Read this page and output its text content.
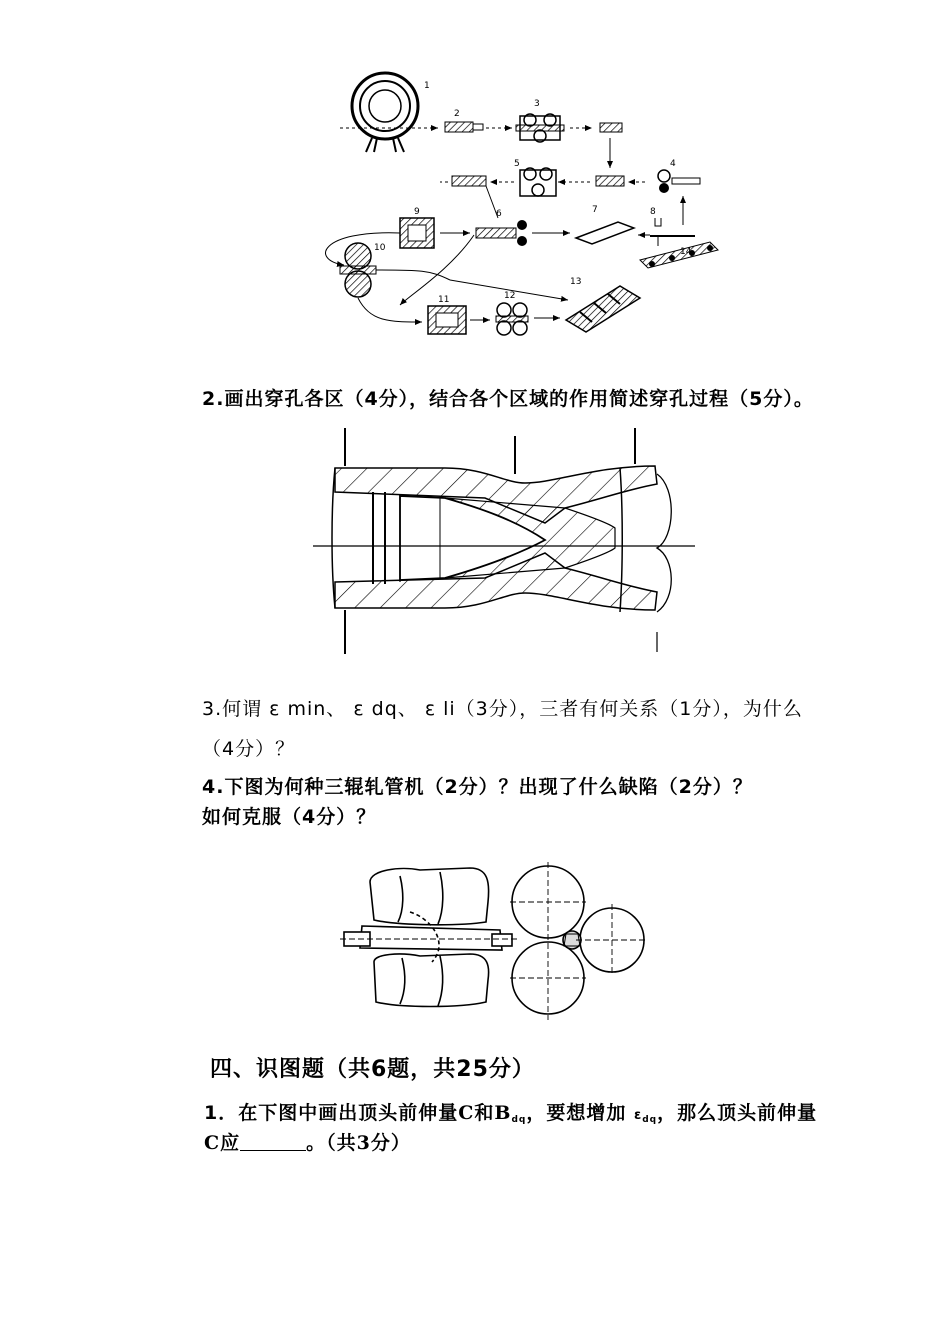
1
2
3
4
5
6
9	7	8
10
11	12
13
14
2.画出穿孔各区（4分），结合各个区域的作用简述穿孔过程（5分）。
3.何谓 ε min、 ε dq、 ε li（3分），三者有何关系（1分），为什么
（4分）？
4.下图为何种三辊轧管机（2分）？出现了什么缺陷（2分）？
如何克服（4分）？
四、识图题（共6题，共25分）
1．在下图中画出顶头前伸量C和$B_{dq}$，要想增加 $\varepsilon_{dq}$，那么顶头前伸量
C应	。（共3分）
